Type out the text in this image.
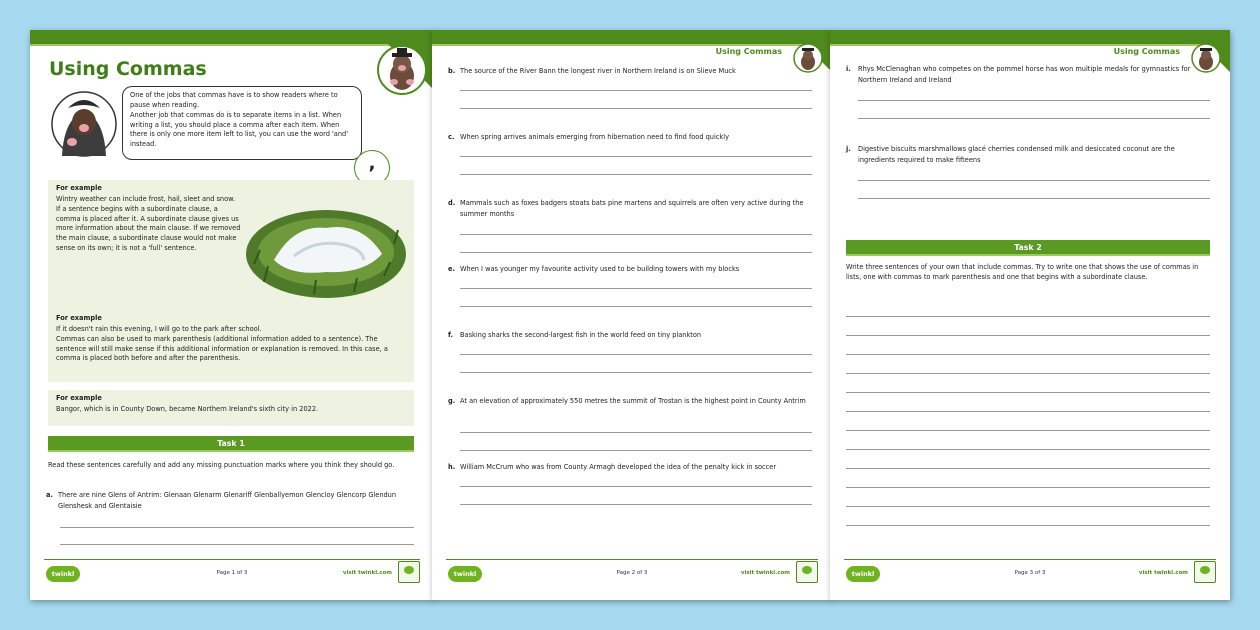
Using Commas

One of the jobs that commas have is to show readers where to pause when reading.

Another job that commas do is to separate items in a list. When writing a list, you should place a comma after each item. When there is only one more item left to list, you can use the word 'and' instead.

,
For example
Wintry weather can include frost, hail, sleet and snow.
If a sentence begins with a subordinate clause, a comma is placed after it. A subordinate clause gives us more information about the main clause. If we removed the main clause, a subordinate clause would not make sense on its own; it is not a 'full' sentence.
For example
If it doesn't rain this evening, I will go to the park after school.
Commas can also be used to mark parenthesis (additional information added to a sentence). The sentence will still make sense if this additional information or explanation is removed. In this case, a comma is placed both before and after the parenthesis.
For example
Bangor, which is in County Down, became Northern Ireland's sixth city in 2022.
Task 1
Read these sentences carefully and add any missing punctuation marks where you think they should go.
a. There are nine Glens of Antrim: Glenaan Glenarm Glenariff Glenballyemon Glencloy Glencorp Glendun Glenshesk and Glentaisie
twinkl	Page 1 of 3	visit twinkl.com
Using Commas
b. The source of the River Bann the longest river in Northern Ireland is on Slieve Muck
c. When spring arrives animals emerging from hibernation need to find food quickly
d. Mammals such as foxes badgers stoats bats pine martens and squirrels are often very active during the summer months
e. When I was younger my favourite activity used to be building towers with my blocks
f. Basking sharks the second-largest fish in the world feed on tiny plankton
g. At an elevation of approximately 550 metres the summit of Trostan is the highest point in County Antrim
h. William McCrum who was from County Armagh developed the idea of the penalty kick in soccer
twinkl	Page 2 of 3	visit twinkl.com
Using Commas
i. Rhys McClenaghan who competes on the pommel horse has won multiple medals for gymnastics for Northern Ireland and Ireland
j. Digestive biscuits marshmallows glacé cherries condensed milk and desiccated coconut are the ingredients required to make fifteens
Task 2
Write three sentences of your own that include commas. Try to write one that shows the use of commas in lists, one with commas to mark parenthesis and one that begins with a subordinate clause.
twinkl	Page 3 of 3	visit twinkl.com
